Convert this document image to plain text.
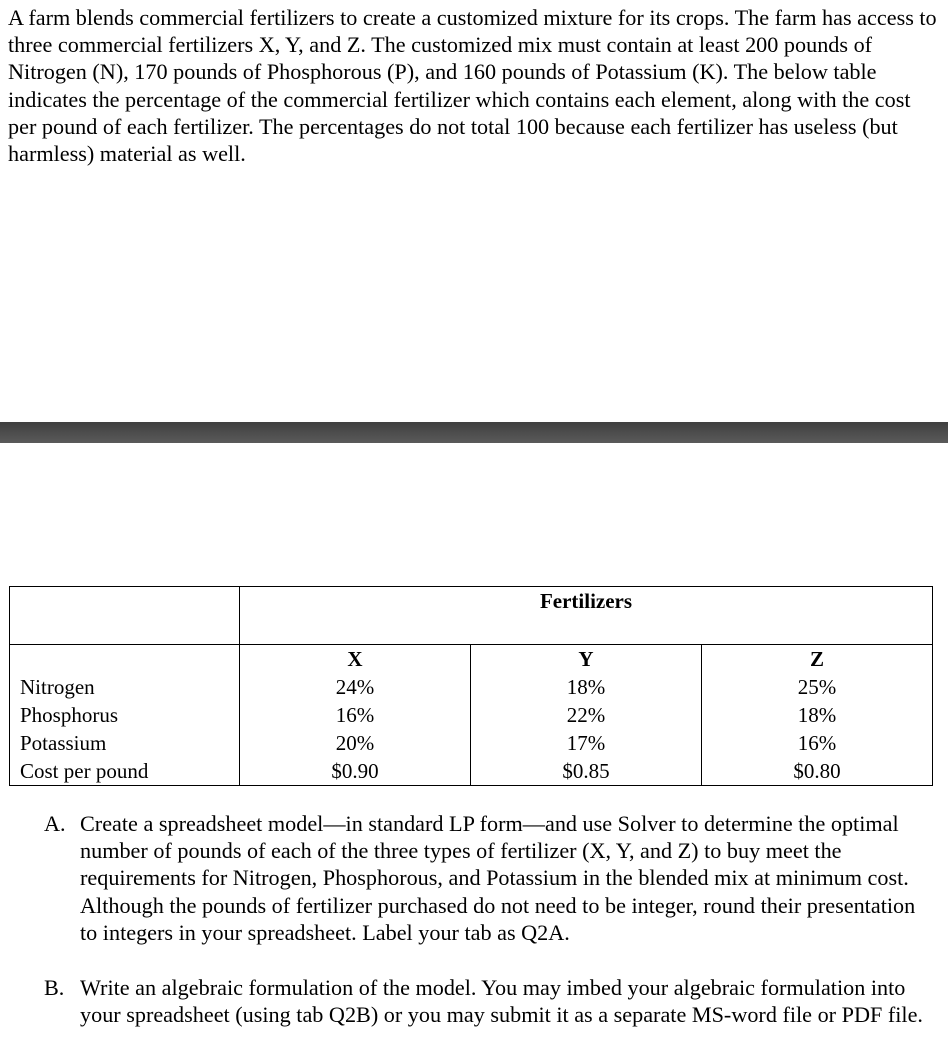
A farm blends commercial fertilizers to create a customized mixture for its crops. The farm has access to three commercial fertilizers X, Y, and Z. The customized mix must contain at least 200 pounds of Nitrogen (N), 170 pounds of Phosphorous (P), and 160 pounds of Potassium (K). The below table indicates the percentage of the commercial fertilizer which contains each element, along with the cost per pound of each fertilizer. The percentages do not total 100 because each fertilizer has useless (but harmless) material as well.

	Fertilizers		

	X	Y	Z
Nitrogen	24%	18%	25%
Phosphorus	16%	22%	18%
Potassium	20%	17%	16%
Cost per pound	$0.90	$0.85	$0.80
A. Create a spreadsheet model—in standard LP form—and use Solver to determine the optimal number of pounds of each of the three types of fertilizer (X, Y, and Z) to buy meet the requirements for Nitrogen, Phosphorous, and Potassium in the blended mix at minimum cost. Although the pounds of fertilizer purchased do not need to be integer, round their presentation to integers in your spreadsheet. Label your tab as Q2A.
B. Write an algebraic formulation of the model. You may imbed your algebraic formulation into your spreadsheet (using tab Q2B) or you may submit it as a separate MS-word file or PDF file.
